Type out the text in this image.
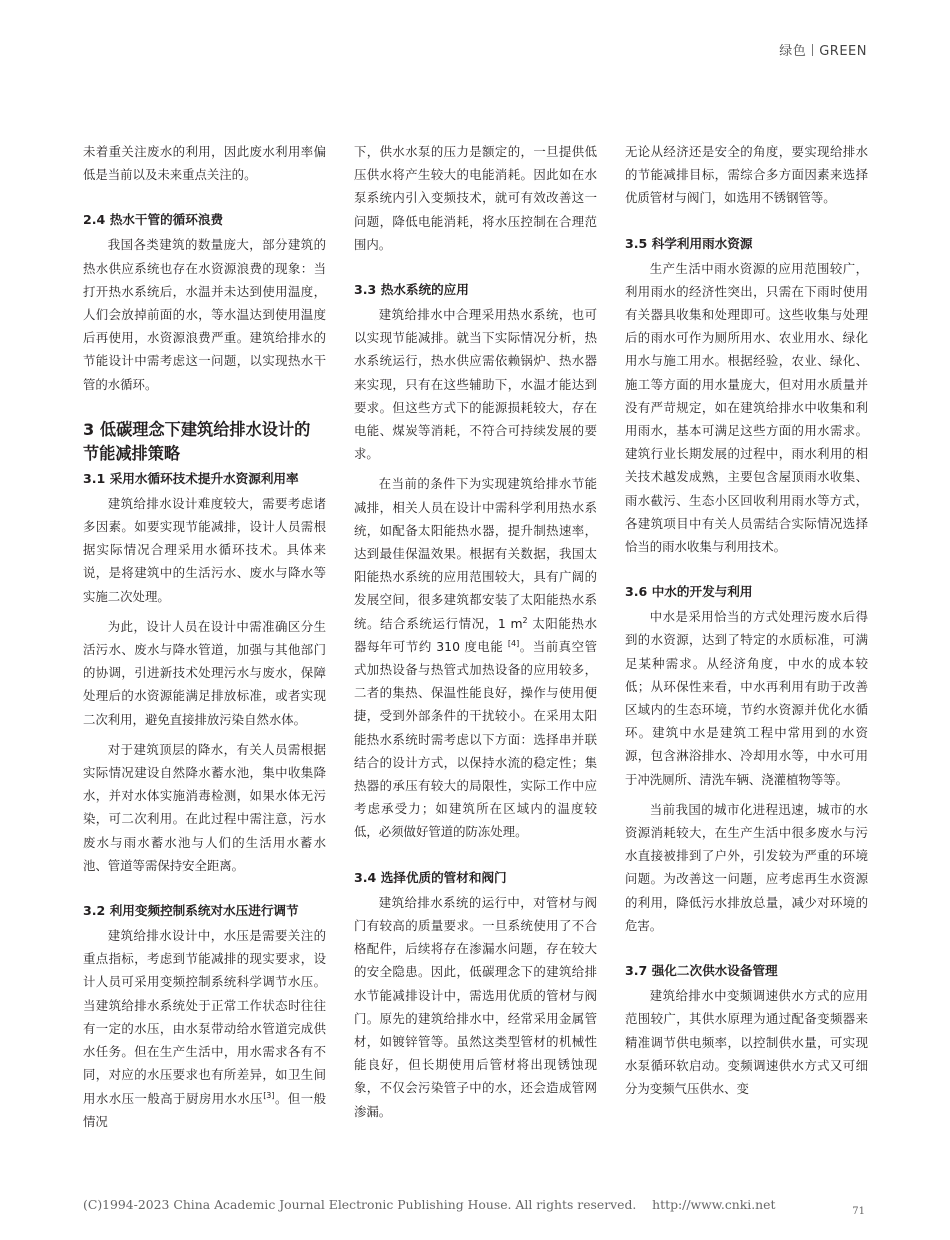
绿色 GREEN

未着重关注废水的利用，因此废水利用率偏低是当前以及未来重点关注的。

2.4 热水干管的循环浪费

我国各类建筑的数量庞大，部分建筑的热水供应系统也存在水资源浪费的现象：当打开热水系统后，水温并未达到使用温度，人们会放掉前面的水，等水温达到使用温度后再使用，水资源浪费严重。建筑给排水的节能设计中需考虑这一问题，以实现热水干管的水循环。

3 低碳理念下建筑给排水设计的节能减排策略
3.1 采用水循环技术提升水资源利用率

建筑给排水设计难度较大，需要考虑诸多因素。如要实现节能减排，设计人员需根据实际情况合理采用水循环技术。具体来说，是将建筑中的生活污水、废水与降水等实施二次处理。

为此，设计人员在设计中需准确区分生活污水、废水与降水管道，加强与其他部门的协调，引进新技术处理污水与废水，保障处理后的水资源能满足排放标准，或者实现二次利用，避免直接排放污染自然水体。

对于建筑顶层的降水，有关人员需根据实际情况建设自然降水蓄水池，集中收集降水，并对水体实施消毒检测，如果水体无污染，可二次利用。在此过程中需注意，污水废水与雨水蓄水池与人们的生活用水蓄水池、管道等需保持安全距离。

3.2 利用变频控制系统对水压进行调节

建筑给排水设计中，水压是需要关注的重点指标，考虑到节能减排的现实要求，设计人员可采用变频控制系统科学调节水压。当建筑给排水系统处于正常工作状态时往往有一定的水压，由水泵带动给水管道完成供水任务。但在生产生活中，用水需求各有不同，对应的水压要求也有所差异，如卫生间用水水压一般高于厨房用水水压[3]。但一般情况

下，供水水泵的压力是额定的，一旦提供低压供水将产生较大的电能消耗。因此如在水泵系统内引入变频技术，就可有效改善这一问题，降低电能消耗，将水压控制在合理范围内。

3.3 热水系统的应用

建筑给排水中合理采用热水系统，也可以实现节能减排。就当下实际情况分析，热水系统运行，热水供应需依赖锅炉、热水器来实现，只有在这些辅助下，水温才能达到要求。但这些方式下的能源损耗较大，存在电能、煤炭等消耗，不符合可持续发展的要求。

在当前的条件下为实现建筑给排水节能减排，相关人员在设计中需科学利用热水系统，如配备太阳能热水器，提升制热速率，达到最佳保温效果。根据有关数据，我国太阳能热水系统的应用范围较大，具有广阔的发展空间，很多建筑都安装了太阳能热水系统。结合系统运行情况，1 $m^2$ 太阳能热水器每年可节约 310 度电能 [4]。当前真空管式加热设备与热管式加热设备的应用较多，二者的集热、保温性能良好，操作与使用便捷，受到外部条件的干扰较小。在采用太阳能热水系统时需考虑以下方面：选择串并联结合的设计方式，以保持水流的稳定性；集热器的承压有较大的局限性，实际工作中应考虑承受力；如建筑所在区域内的温度较低，必须做好管道的防冻处理。

3.4 选择优质的管材和阀门

建筑给排水系统的运行中，对管材与阀门有较高的质量要求。一旦系统使用了不合格配件，后续将存在渗漏水问题，存在较大的安全隐患。因此，低碳理念下的建筑给排水节能减排设计中，需选用优质的管材与阀门。原先的建筑给排水中，经常采用金属管材，如镀锌管等。虽然这类型管材的机械性能良好，但长期使用后管材将出现锈蚀现象，不仅会污染管子中的水，还会造成管网渗漏。

无论从经济还是安全的角度，要实现给排水的节能减排目标，需综合多方面因素来选择优质管材与阀门，如选用不锈钢管等。

3.5 科学利用雨水资源

生产生活中雨水资源的应用范围较广，利用雨水的经济性突出，只需在下雨时使用有关器具收集和处理即可。这些收集与处理后的雨水可作为厕所用水、农业用水、绿化用水与施工用水。根据经验，农业、绿化、施工等方面的用水量庞大，但对用水质量并没有严苛规定，如在建筑给排水中收集和利用雨水，基本可满足这些方面的用水需求。建筑行业长期发展的过程中，雨水利用的相关技术越发成熟，主要包含屋顶雨水收集、雨水截污、生态小区回收利用雨水等方式，各建筑项目中有关人员需结合实际情况选择恰当的雨水收集与利用技术。

3.6 中水的开发与利用

中水是采用恰当的方式处理污废水后得到的水资源，达到了特定的水质标准，可满足某种需求。从经济角度，中水的成本较低；从环保性来看，中水再利用有助于改善区域内的生态环境，节约水资源并优化水循环。建筑中水是建筑工程中常用到的水资源，包含淋浴排水、冷却用水等，中水可用于冲洗厕所、清洗车辆、浇灌植物等等。

当前我国的城市化进程迅速，城市的水资源消耗较大，在生产生活中很多废水与污水直接被排到了户外，引发较为严重的环境问题。为改善这一问题，应考虑再生水资源的利用，降低污水排放总量，减少对环境的危害。

3.7 强化二次供水设备管理

建筑给排水中变频调速供水方式的应用范围较广，其供水原理为通过配备变频器来精准调节供电频率，以控制供水量，可实现水泵循环软启动。变频调速供水方式又可细分为变频气压供水、变

(C)1994-2023 China Academic Journal Electronic Publishing House. All rights reserved. http://www.cnki.net	71
